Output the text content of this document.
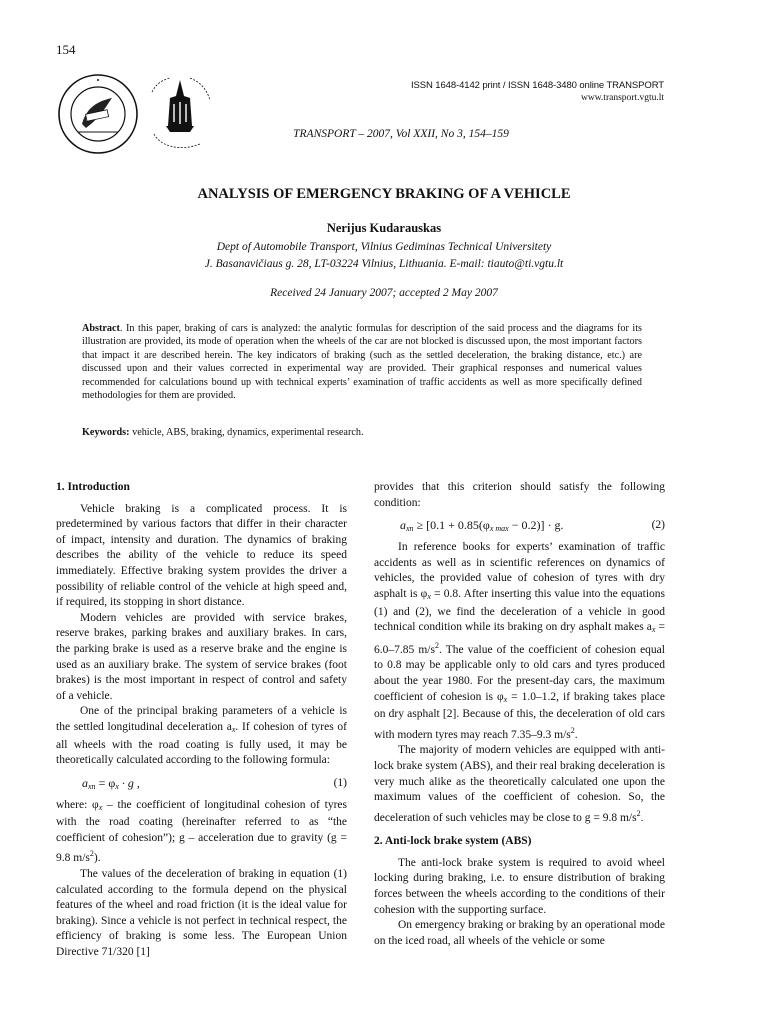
154
ISSN 1648-4142 print / ISSN 1648-3480 online TRANSPORT
www.transport.vgtu.lt
TRANSPORT – 2007, Vol XXII, No 3, 154–159
ANALYSIS OF EMERGENCY BRAKING OF A VEHICLE
Nerijus Kudarauskas
Dept of Automobile Transport, Vilnius Gediminas Technical Universitety
J. Basanavičiaus g. 28, LT-03224 Vilnius, Lithuania. E-mail: tiauto@ti.vgtu.lt
Received 24 January 2007; accepted 2 May 2007
Abstract. In this paper, braking of cars is analyzed: the analytic formulas for description of the said process and the diagrams for its illustration are provided, its mode of operation when the wheels of the car are not blocked is discussed upon, the most important factors that impact it are described herein. The key indicators of braking (such as the settled deceleration, the braking distance, etc.) are discussed upon and their values corrected in experimental way are provided. Their graphical responses and numerical values recommended for calculations bound up with technical experts’ examination of traffic accidents as well as more specifically defined methodologies for them are provided.
Keywords: vehicle, ABS, braking, dynamics, experimental research.
1. Introduction

Vehicle braking is a complicated process. It is predetermined by various factors that differ in their character of impact, intensity and duration. The dynamics of braking describes the ability of the vehicle to reduce its speed immediately. Effective braking system provides the driver a possibility of reliable control of the vehicle at high speed and, if required, its stopping in short distance.

Modern vehicles are provided with service brakes, reserve brakes, parking brakes and auxiliary brakes. In cars, the parking brake is used as a reserve brake and the engine is used as an auxiliary brake. The system of service brakes (foot brakes) is the most important in respect of control and safety of a vehicle.

One of the principal braking parameters of a vehicle is the settled longitudinal deceleration $a_x$. If cohesion of tyres of all wheels with the road coating is fully used, it may be theoretically calculated according to the following formula:

$a_{xn} = \varphi_x \cdot g$ ,	(1)

where: $\varphi_x$ – the coefficient of longitudinal cohesion of tyres with the road coating (hereinafter referred to as “the coefficient of cohesion”); g – acceleration due to gravity (g = 9.8 $m/s^2$).

The values of the deceleration of braking in equation (1) calculated according to the formula depend on the physical features of the wheel and road friction (it is the ideal value for braking). Since a vehicle is not perfect in technical respect, the efficiency of braking is some less. The European Union Directive 71/320 [1]

provides that this criterion should satisfy the following condition:

$a_{xn} \ge [0.1 + 0.85(\varphi_{x max} - 0.2)] \cdot g$.	(2)

In reference books for experts’ examination of traffic accidents as well as in scientific references on dynamics of vehicles, the provided value of cohesion of tyres with dry asphalt is $\varphi_x = 0.8$. After inserting this value into the equations (1) and (2), we find the deceleration of a vehicle in good technical condition while its braking on dry asphalt makes $a_x = 6.0-7.85$ $m/s^2$. The value of the coefficient of cohesion equal to 0.8 may be applicable only to old cars and tyres produced about the year 1980. For the present-day cars, the maximum coefficient of cohesion is $\varphi_x = 1.0-1.2$, if braking takes place on dry asphalt [2]. Because of this, the deceleration of old cars with modern tyres may reach 7.35–9.3 $m/s^2$.

The majority of modern vehicles are equipped with anti-lock brake system (ABS), and their real braking deceleration is very much alike as the theoretically calculated one upon the maximum values of the coefficient of cohesion. So, the deceleration of such vehicles may be close to g = 9.8 $m/s^2$.

2. Anti-lock brake system (ABS)

The anti-lock brake system is required to avoid wheel locking during braking, i.e. to ensure distribution of braking forces between the wheels according to the conditions of their cohesion with the supporting surface.

On emergency braking or braking by an operational mode on the iced road, all wheels of the vehicle or some
